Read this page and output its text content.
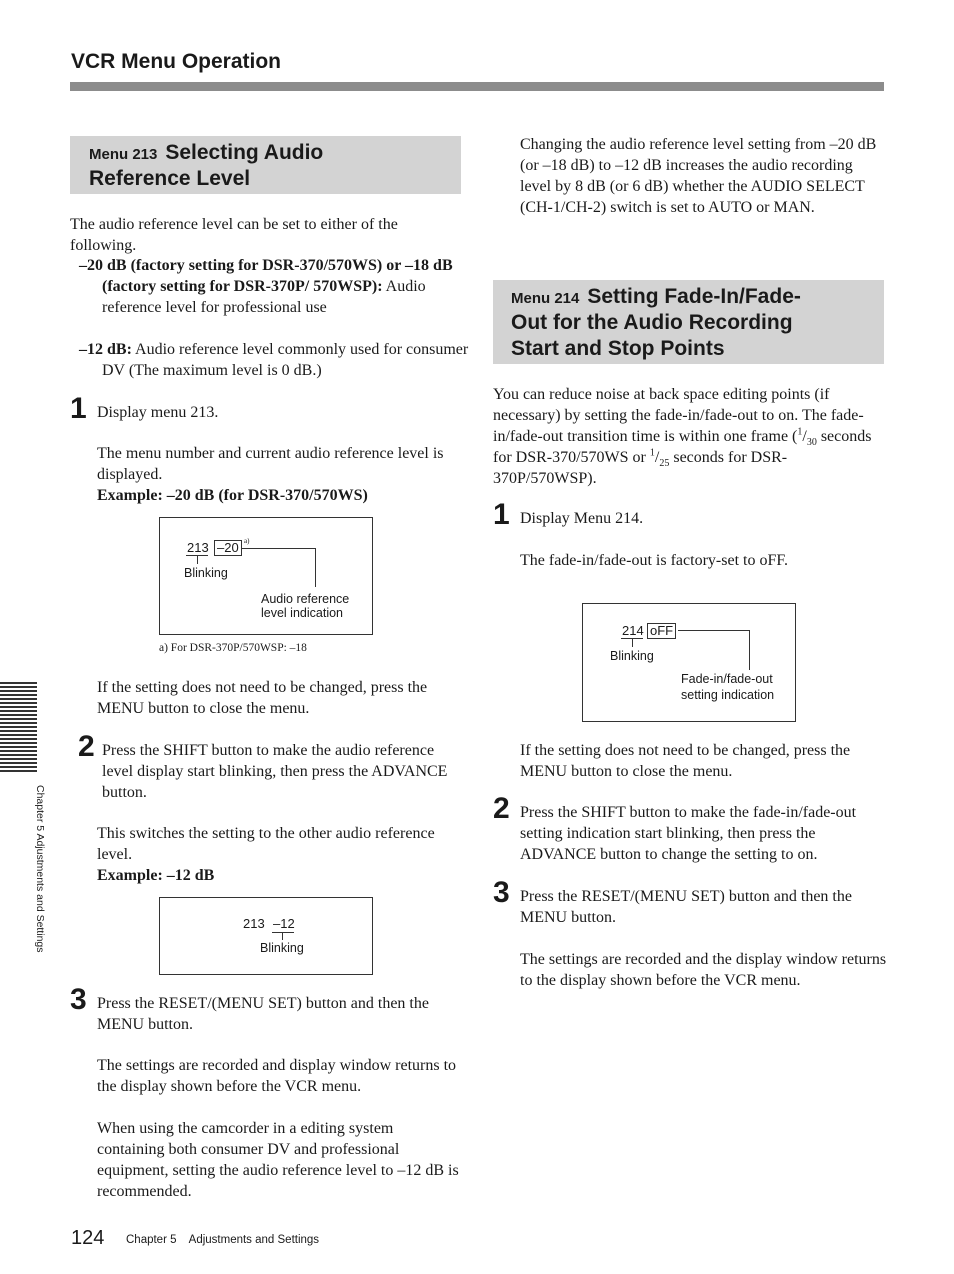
VCR Menu Operation
Menu 213 Selecting Audio
Reference Level

The audio reference level can be set to either of the following.

–20 dB (factory setting for DSR-370/570WS) or –18 dB (factory setting for DSR-370P/ 570WSP): Audio reference level for professional use

–12 dB: Audio reference level commonly used for consumer DV (The maximum level is 0 dB.)

1 Display menu 213.

The menu number and current audio reference level is displayed.

Example: –20 dB (for DSR-370/570WS)

213 –20 a)
Blinking
Audio reference
level indication

a) For DSR-370P/570WSP: –18

If the setting does not need to be changed, press the MENU button to close the menu.

2 Press the SHIFT button to make the audio reference level display start blinking, then press the ADVANCE button.

This switches the setting to the other audio reference level.

Example: –12 dB

213 –12
Blinking
3 Press the RESET/(MENU SET) button and then the MENU button.

The settings are recorded and display window returns to the display shown before the VCR menu.

When using the camcorder in a editing system containing both consumer DV and professional equipment, setting the audio reference level to –12 dB is recommended.

Changing the audio reference level setting from –20 dB (or –18 dB) to –12 dB increases the audio recording level by 8 dB (or 6 dB) whether the AUDIO SELECT (CH-1/CH-2) switch is set to AUTO or MAN.

Menu 214 Setting Fade-In/Fade-
Out for the Audio Recording
Start and Stop Points

You can reduce noise at back space editing points (if necessary) by setting the fade-in/fade-out to on. The fade-in/fade-out transition time is within one frame ($^1/_{30}$ seconds for DSR-370/570WS or $^1/_{25}$ seconds for DSR-370P/570WSP).

1 Display Menu 214.

The fade-in/fade-out is factory-set to oFF.

214 oFF
Blinking
Fade-in/fade-out
setting indication

If the setting does not need to be changed, press the MENU button to close the menu.

2 Press the SHIFT button to make the fade-in/fade-out setting indication start blinking, then press the ADVANCE button to change the setting to on.

3 Press the RESET/(MENU SET) button and then the MENU button.

The settings are recorded and the display window returns to the display shown before the VCR menu.

Chapter 5 Adjustments and Settings
124 Chapter 5    Adjustments and Settings
